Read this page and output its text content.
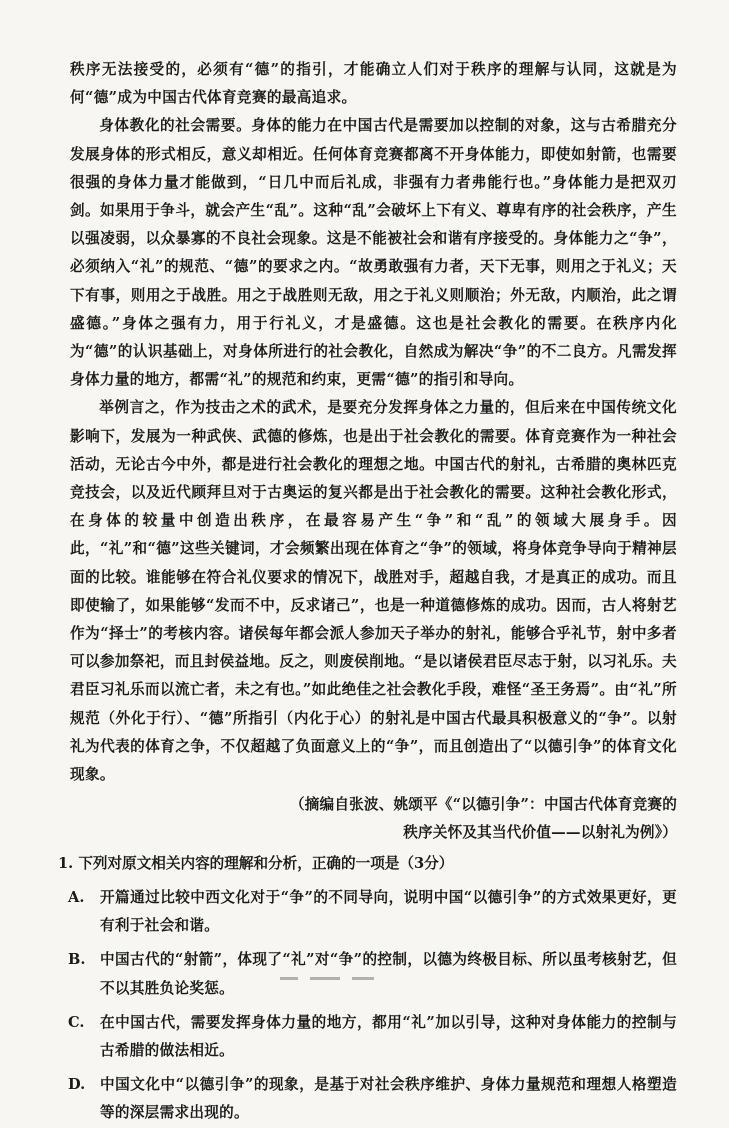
秩序无法接受的，必须有“德”的指引，才能确立人们对于秩序的理解与认同，这就是为何“德”成为中国古代体育竞赛的最高追求。

身体教化的社会需要。身体的能力在中国古代是需要加以控制的对象，这与古希腊充分发展身体的形式相反，意义却相近。任何体育竞赛都离不开身体能力，即使如射箭，也需要很强的身体力量才能做到，“日几中而后礼成，非强有力者弗能行也。”身体能力是把双刃剑。如果用于争斗，就会产生“乱”。这种“乱”会破坏上下有义、尊卑有序的社会秩序，产生以强凌弱，以众暴寡的不良社会现象。这是不能被社会和谐有序接受的。身体能力之“争”，必须纳入“礼”的规范、“德”的要求之内。“故勇敢强有力者，天下无事，则用之于礼义；天下有事，则用之于战胜。用之于战胜则无敌，用之于礼义则顺治；外无敌，内顺治，此之谓盛德。”身体之强有力，用于行礼义，才是盛德。这也是社会教化的需要。在秩序内化为“德”的认识基础上，对身体所进行的社会教化，自然成为解决“争”的不二良方。凡需发挥身体力量的地方，都需“礼”的规范和约束，更需“德”的指引和导向。

举例言之，作为技击之术的武术，是要充分发挥身体之力量的，但后来在中国传统文化影响下，发展为一种武侠、武德的修炼，也是出于社会教化的需要。体育竞赛作为一种社会活动，无论古今中外，都是进行社会教化的理想之地。中国古代的射礼，古希腊的奥林匹克竞技会，以及近代顾拜旦对于古奥运的复兴都是出于社会教化的需要。这种社会教化形式，在身体的较量中创造出秩序，在最容易产生“争”和“乱”的领域大展身手。因此，“礼”和“德”这些关键词，才会频繁出现在体育之“争”的领域，将身体竞争导向于精神层面的比较。谁能够在符合礼仪要求的情况下，战胜对手，超越自我，才是真正的成功。而且即使输了，如果能够“发而不中，反求诸己”，也是一种道德修炼的成功。因而，古人将射艺作为“择士”的考核内容。诸侯每年都会派人参加天子举办的射礼，能够合乎礼节，射中多者可以参加祭祀，而且封侯益地。反之，则废侯削地。“是以诸侯君臣尽志于射，以习礼乐。夫君臣习礼乐而以流亡者，未之有也。”如此绝佳之社会教化手段，难怪“圣王务焉”。由“礼”所规范（外化于行）、“德”所指引（内化于心）的射礼是中国古代最具积极意义的“争”。以射礼为代表的体育之争，不仅超越了负面意义上的“争”，而且创造出了“以德引争”的体育文化现象。

（摘编自张波、姚颂平《“以德引争”：中国古代体育竞赛的
秩序关怀及其当代价值——以射礼为例》）
1. 下列对原文相关内容的理解和分析，正确的一项是（3分）
A.	开篇通过比较中西文化对于“争”的不同导向，说明中国“以德引争”的方式效果更好，更有利于社会和谐。
B. 中国古代的“射箭”，体现了“礼”对“争”的控制，以德为终极目标、所以虽考核射艺，但不以其胜负论奖惩。
C.	在中国古代，需要发挥身体力量的地方，都用“礼”加以引导，这种对身体能力的控制与古希腊的做法相近。
D.	中国文化中“以德引争”的现象，是基于对社会秩序维护、身体力量规范和理想人格塑造等的深层需求出现的。
